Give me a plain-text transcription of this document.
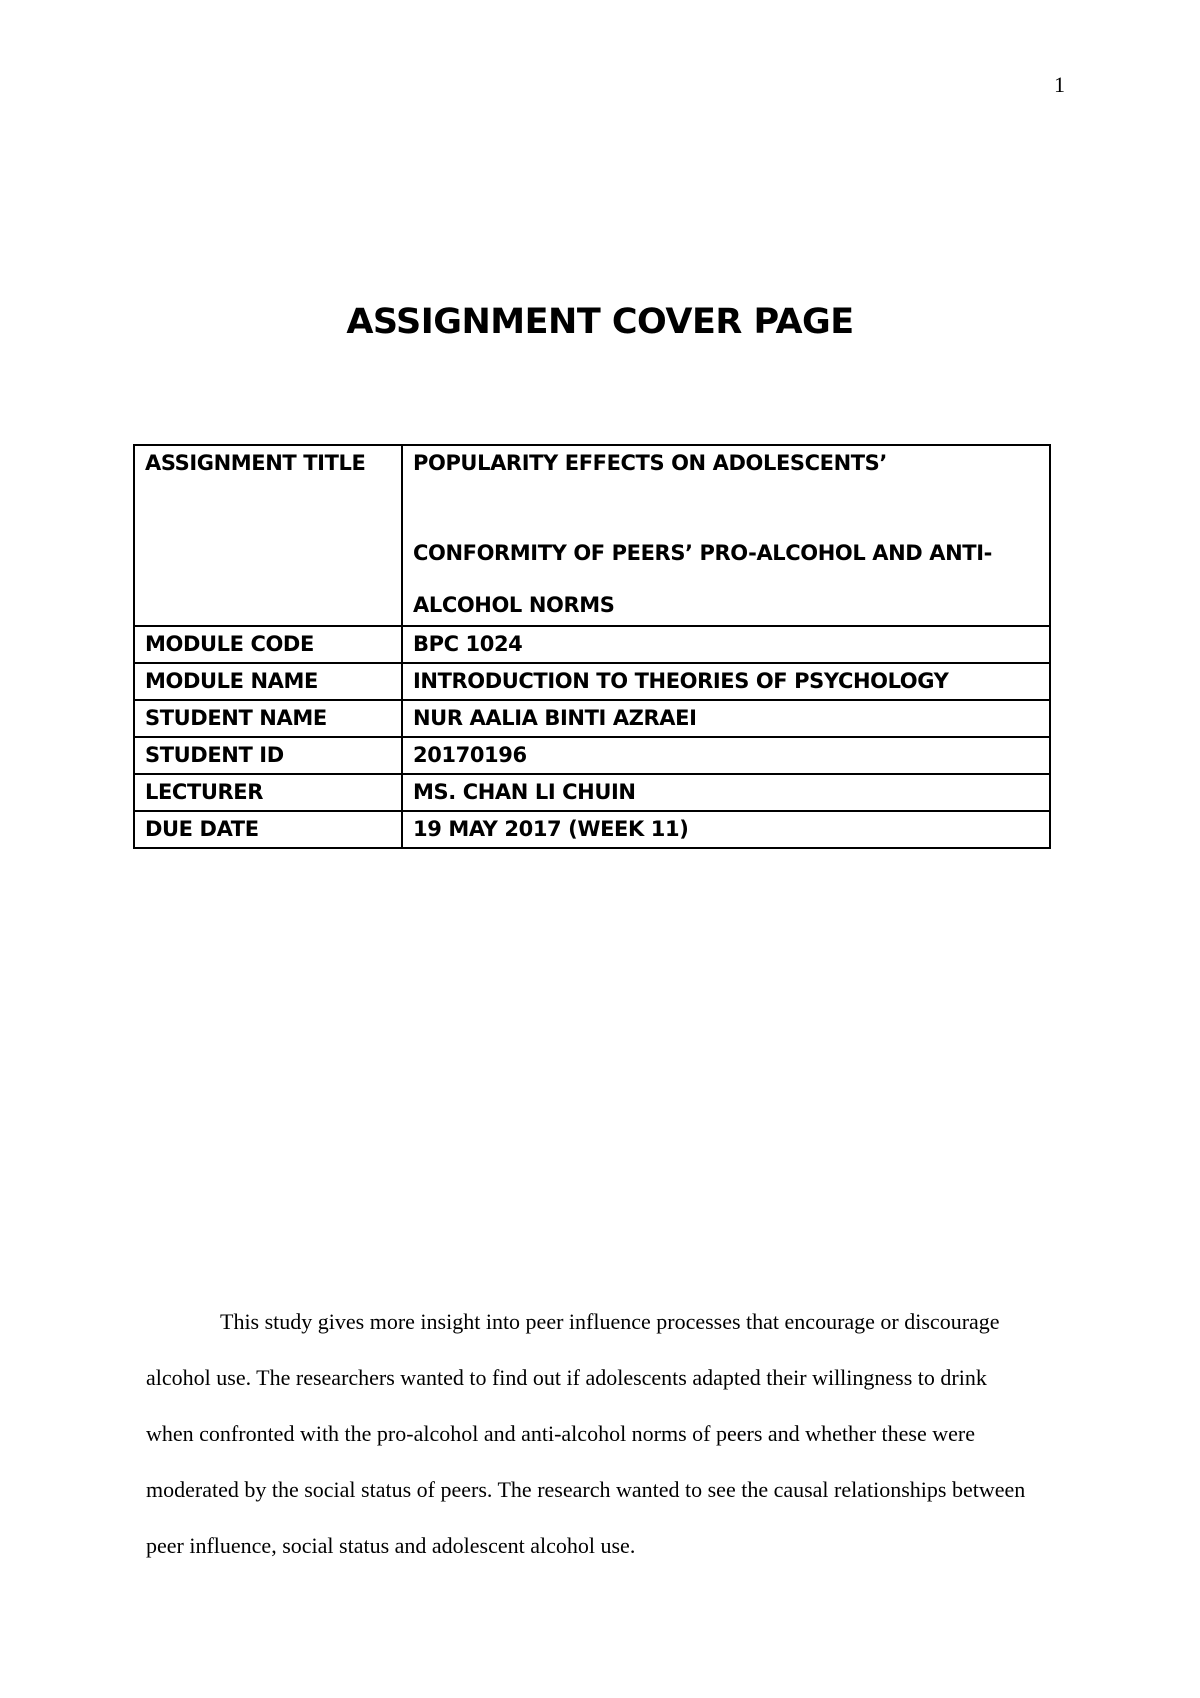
1
ASSIGNMENT COVER PAGE
ASSIGNMENT TITLE	POPULARITY EFFECTS ON ADOLESCENTS’
CONFORMITY OF PEERS’ PRO-ALCOHOL AND ANTI-
ALCOHOL NORMS

MODULE CODE	BPC 1024
MODULE NAME	INTRODUCTION TO THEORIES OF PSYCHOLOGY
STUDENT NAME	NUR AALIA BINTI AZRAEI
STUDENT ID	20170196
LECTURER	MS. CHAN LI CHUIN
DUE DATE	19 MAY 2017 (WEEK 11)

This study gives more insight into peer influence processes that encourage or discourage alcohol use. The researchers wanted to find out if adolescents adapted their willingness to drink when confronted with the pro-alcohol and anti-alcohol norms of peers and whether these were moderated by the social status of peers. The research wanted to see the causal relationships between peer influence, social status and adolescent alcohol use.
